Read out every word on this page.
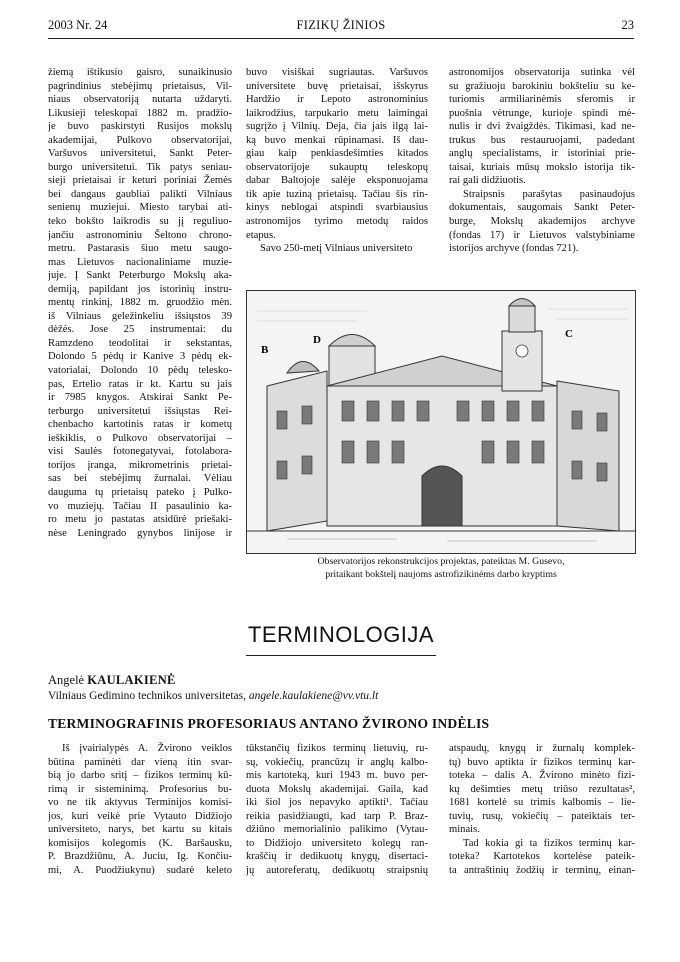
2003 Nr. 24	FIZIKŲ ŽINIOS	23
žiemą ištikusio gaisro, sunaikinusio
pagrindinius stebėjimų prietaisus, Vil-
niaus observatoriją nutarta uždaryti.
Likusieji teleskopai 1882 m. pradžio-
je buvo paskirstyti Rusijos mokslų
akademijai, Pulkovo observatorijai,
Varšuvos universitetui, Sankt Peter-
burgo universitetui. Tik patys seniau-
sieji prietaisai ir keturi poriniai Žemės
bei dangaus gaubliai palikti Vilniaus
senienų muziejui. Miesto tarybai ati-
teko bokšto laikrodis su jį reguliuo-
jančiu astronominiu Šeltono chrono-
metru. Pastarasis šiuo metu saugo-
mas Lietuvos nacionaliniame muzie-
juje. Į Sankt Peterburgo Mokslų aka-
demiją, papildant jos istorinių instru-
mentų rinkinį, 1882 m. gruodžio mėn.
iš Vilniaus geležinkeliu išsiųstos 39
dėžės. Jose 25 instrumentai: du
Ramzdeno teodolitai ir sekstantas,
Dolondo 5 pėdų ir Kanive 3 pėdų ek-
vatorialai, Dolondo 10 pėdų telesko-
pas, Ertelio ratas ir kt. Kartu su jais
ir 7985 knygos. Atskirai Sankt Pe-
terburgo universitetui išsiųstas Rei-
chenbacho kartotinis ratas ir kometų
ieškiklis, o Pulkovo observatorijai –
visi Saulės fotonegatyvai, fotolabora-
torijos įranga, mikrometrinis prietai-
sas bei stebėjimų žurnalai. Vėliau
dauguma tų prietaisų pateko į Pulko-
vo muziejų. Tačiau II pasaulinio ka-
ro metu jo pastatas atsidūrė priešaki-
nėse Leningrado gynybos linijose ir
buvo visiškai sugriautas. Varšuvos
universitete buvę prietaisai, išskyrus
Hardžio ir Lepoto astronominius
laikrodžius, tarpukario metu laimingai
sugrįžo į Vilnių. Deja, čia jais ilgą lai-
ką buvo menkai rūpinamasi. Iš dau-
giau kaip penkiasdešimties kitados
observatorijoje sukauptų teleskopų
dabar Baltojoje salėje eksponuojama
tik apie tuziną prietaisų. Tačiau šis rin-
kinys neblogai atspindi svarbiausius
astronomijos tyrimo metodų raidos
etapus.
Savo 250-metį Vilniaus universiteto
astronomijos observatorija sutinka vėl
su gražiuoju barokiniu bokšteliu su ke-
turiomis armiliarinėmis sferomis ir
puošnia vėtrunge, kurioje spindi mė-
nulis ir dvi žvaigždės. Tikimasi, kad ne-
trukus bus restauruojami, padedant
anglų specialistams, ir istoriniai prie-
taisai, kuriais mūsų mokslo istorija tik-
rai gali didžiuotis.
Straipsnis parašytas pasinaudojus
dokumentais, saugomais Sankt Peter-
burge, Mokslų akademijos archyve
(fondas 17) ir Lietuvos valstybiniame
istorijos archyve (fondas 721).
B
D	C
Observatorijos rekonstrukcijos projektas, pateiktas M. Gusevo,
pritaikant bokštelį naujoms astrofizikinėms darbo kryptims
TERMINOLOGIJA
Angelė KAULAKIENĖ
Vilniaus Gedimino technikos universitetas, angele.kaulakiene@vv.vtu.lt
TERMINOGRAFINIS PROFESORIAUS ANTANO ŽVIRONO INDĖLIS
Iš įvairialypės A. Žvirono veiklos
būtina paminėti dar vieną itin svar-
bią jo darbo sritį – fizikos terminų kū-
rimą ir sisteminimą. Profesorius bu-
vo ne tik aktyvus Terminijos komisi-
jos, kuri veikė prie Vytauto Didžiojo
universiteto, narys, bet kartu su kitais
komisijos kolegomis (K. Baršausku,
P. Brazdžiūnu, A. Juciu, Ig. Končiu-
mi, A. Puodžiukynu) sudarė keleto
tūkstančių fizikos terminų lietuvių, ru-
sų, vokiečių, prancūzų ir anglų kalbo-
mis kartoteką, kuri 1943 m. buvo per-
duota Mokslų akademijai. Gaila, kad
iki šiol jos nepavyko aptikti¹. Tačiau
reikia pasidžiaugti, kad tarp P. Braz-
džiūno memorialinio palikimo (Vytau-
to Didžiojo universiteto kolegų ran-
kraščių ir dedikuotų knygų, disertaci-
jų autoreferatų, dedikuotų straipsnių
atspaudų, knygų ir žurnalų komplek-
tų) buvo aptikta ir fizikos terminų kar-
toteka – dalis A. Žvirono minėto fizi-
kų dešimties metų triūso rezultatas²,
1681 kortelė su trimis kalbomis – lie-
tuvių, rusų, vokiečių – pateiktais ter-
minais.
Tad kokia gi ta fizikos terminų kar-
toteka? Kartotekos kortelėse pateik-
ta antraštinių žodžių ir terminų, einan-
